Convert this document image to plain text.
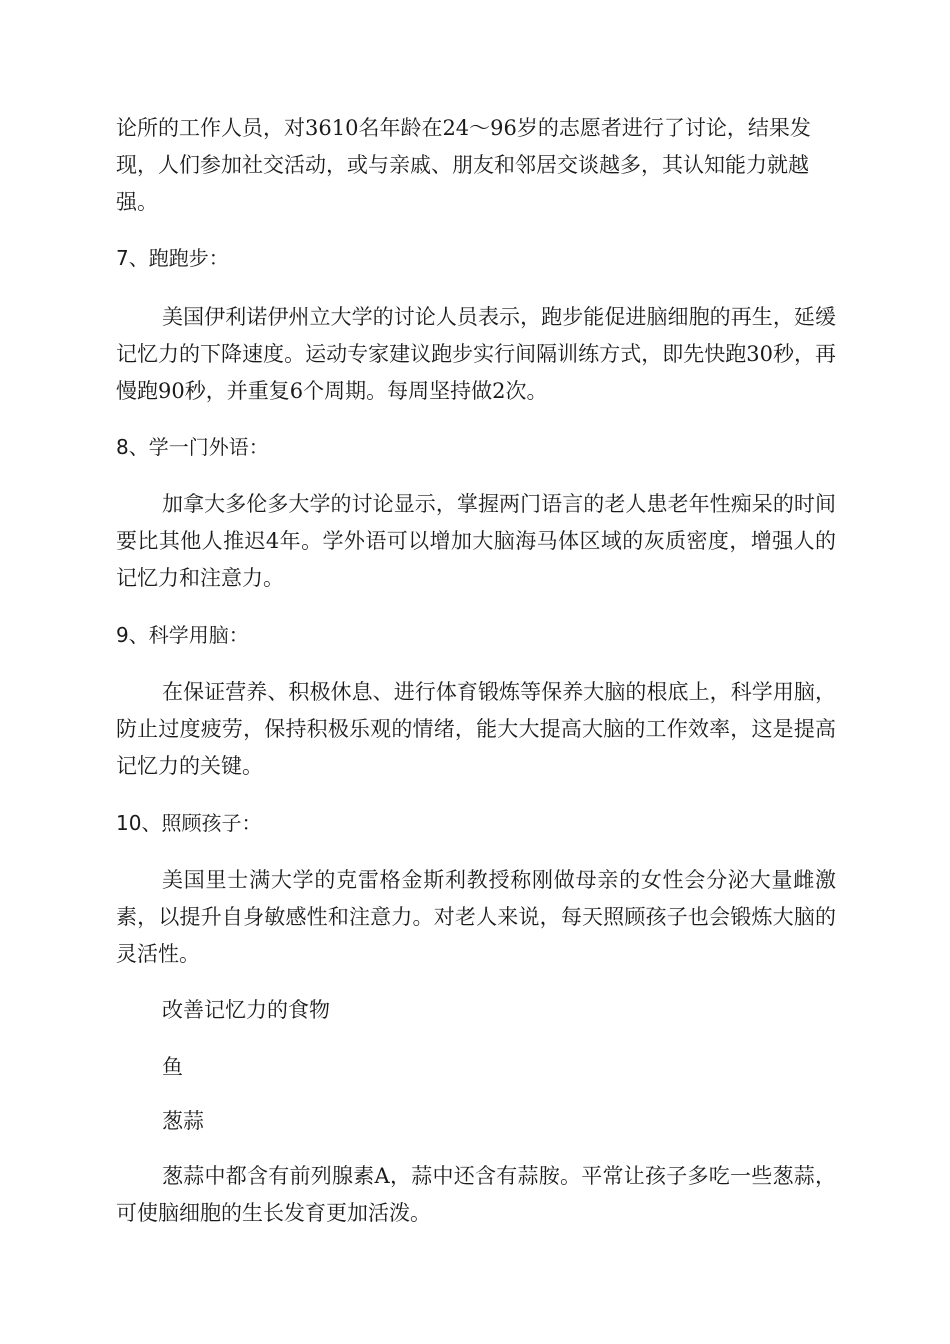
论所的工作人员，对3610名年龄在24～96岁的志愿者进行了讨论，结果发现，人们参加社交活动，或与亲戚、朋友和邻居交谈越多，其认知能力就越强。

7、跑跑步：

美国伊利诺伊州立大学的讨论人员表示，跑步能促进脑细胞的再生，延缓记忆力的下降速度。运动专家建议跑步实行间隔训练方式，即先快跑30秒，再慢跑90秒，并重复6个周期。每周坚持做2次。

8、学一门外语：

加拿大多伦多大学的讨论显示，掌握两门语言的老人患老年性痴呆的时间要比其他人推迟4年。学外语可以增加大脑海马体区域的灰质密度，增强人的记忆力和注意力。

9、科学用脑：

在保证营养、积极休息、进行体育锻炼等保养大脑的根底上，科学用脑，防止过度疲劳，保持积极乐观的情绪，能大大提高大脑的工作效率，这是提高记忆力的关键。

10、照顾孩子：

美国里士满大学的克雷格金斯利教授称刚做母亲的女性会分泌大量雌激素，以提升自身敏感性和注意力。对老人来说，每天照顾孩子也会锻炼大脑的灵活性。

改善记忆力的食物

鱼

葱蒜

葱蒜中都含有前列腺素A，蒜中还含有蒜胺。平常让孩子多吃一些葱蒜，可使脑细胞的生长发育更加活泼。
